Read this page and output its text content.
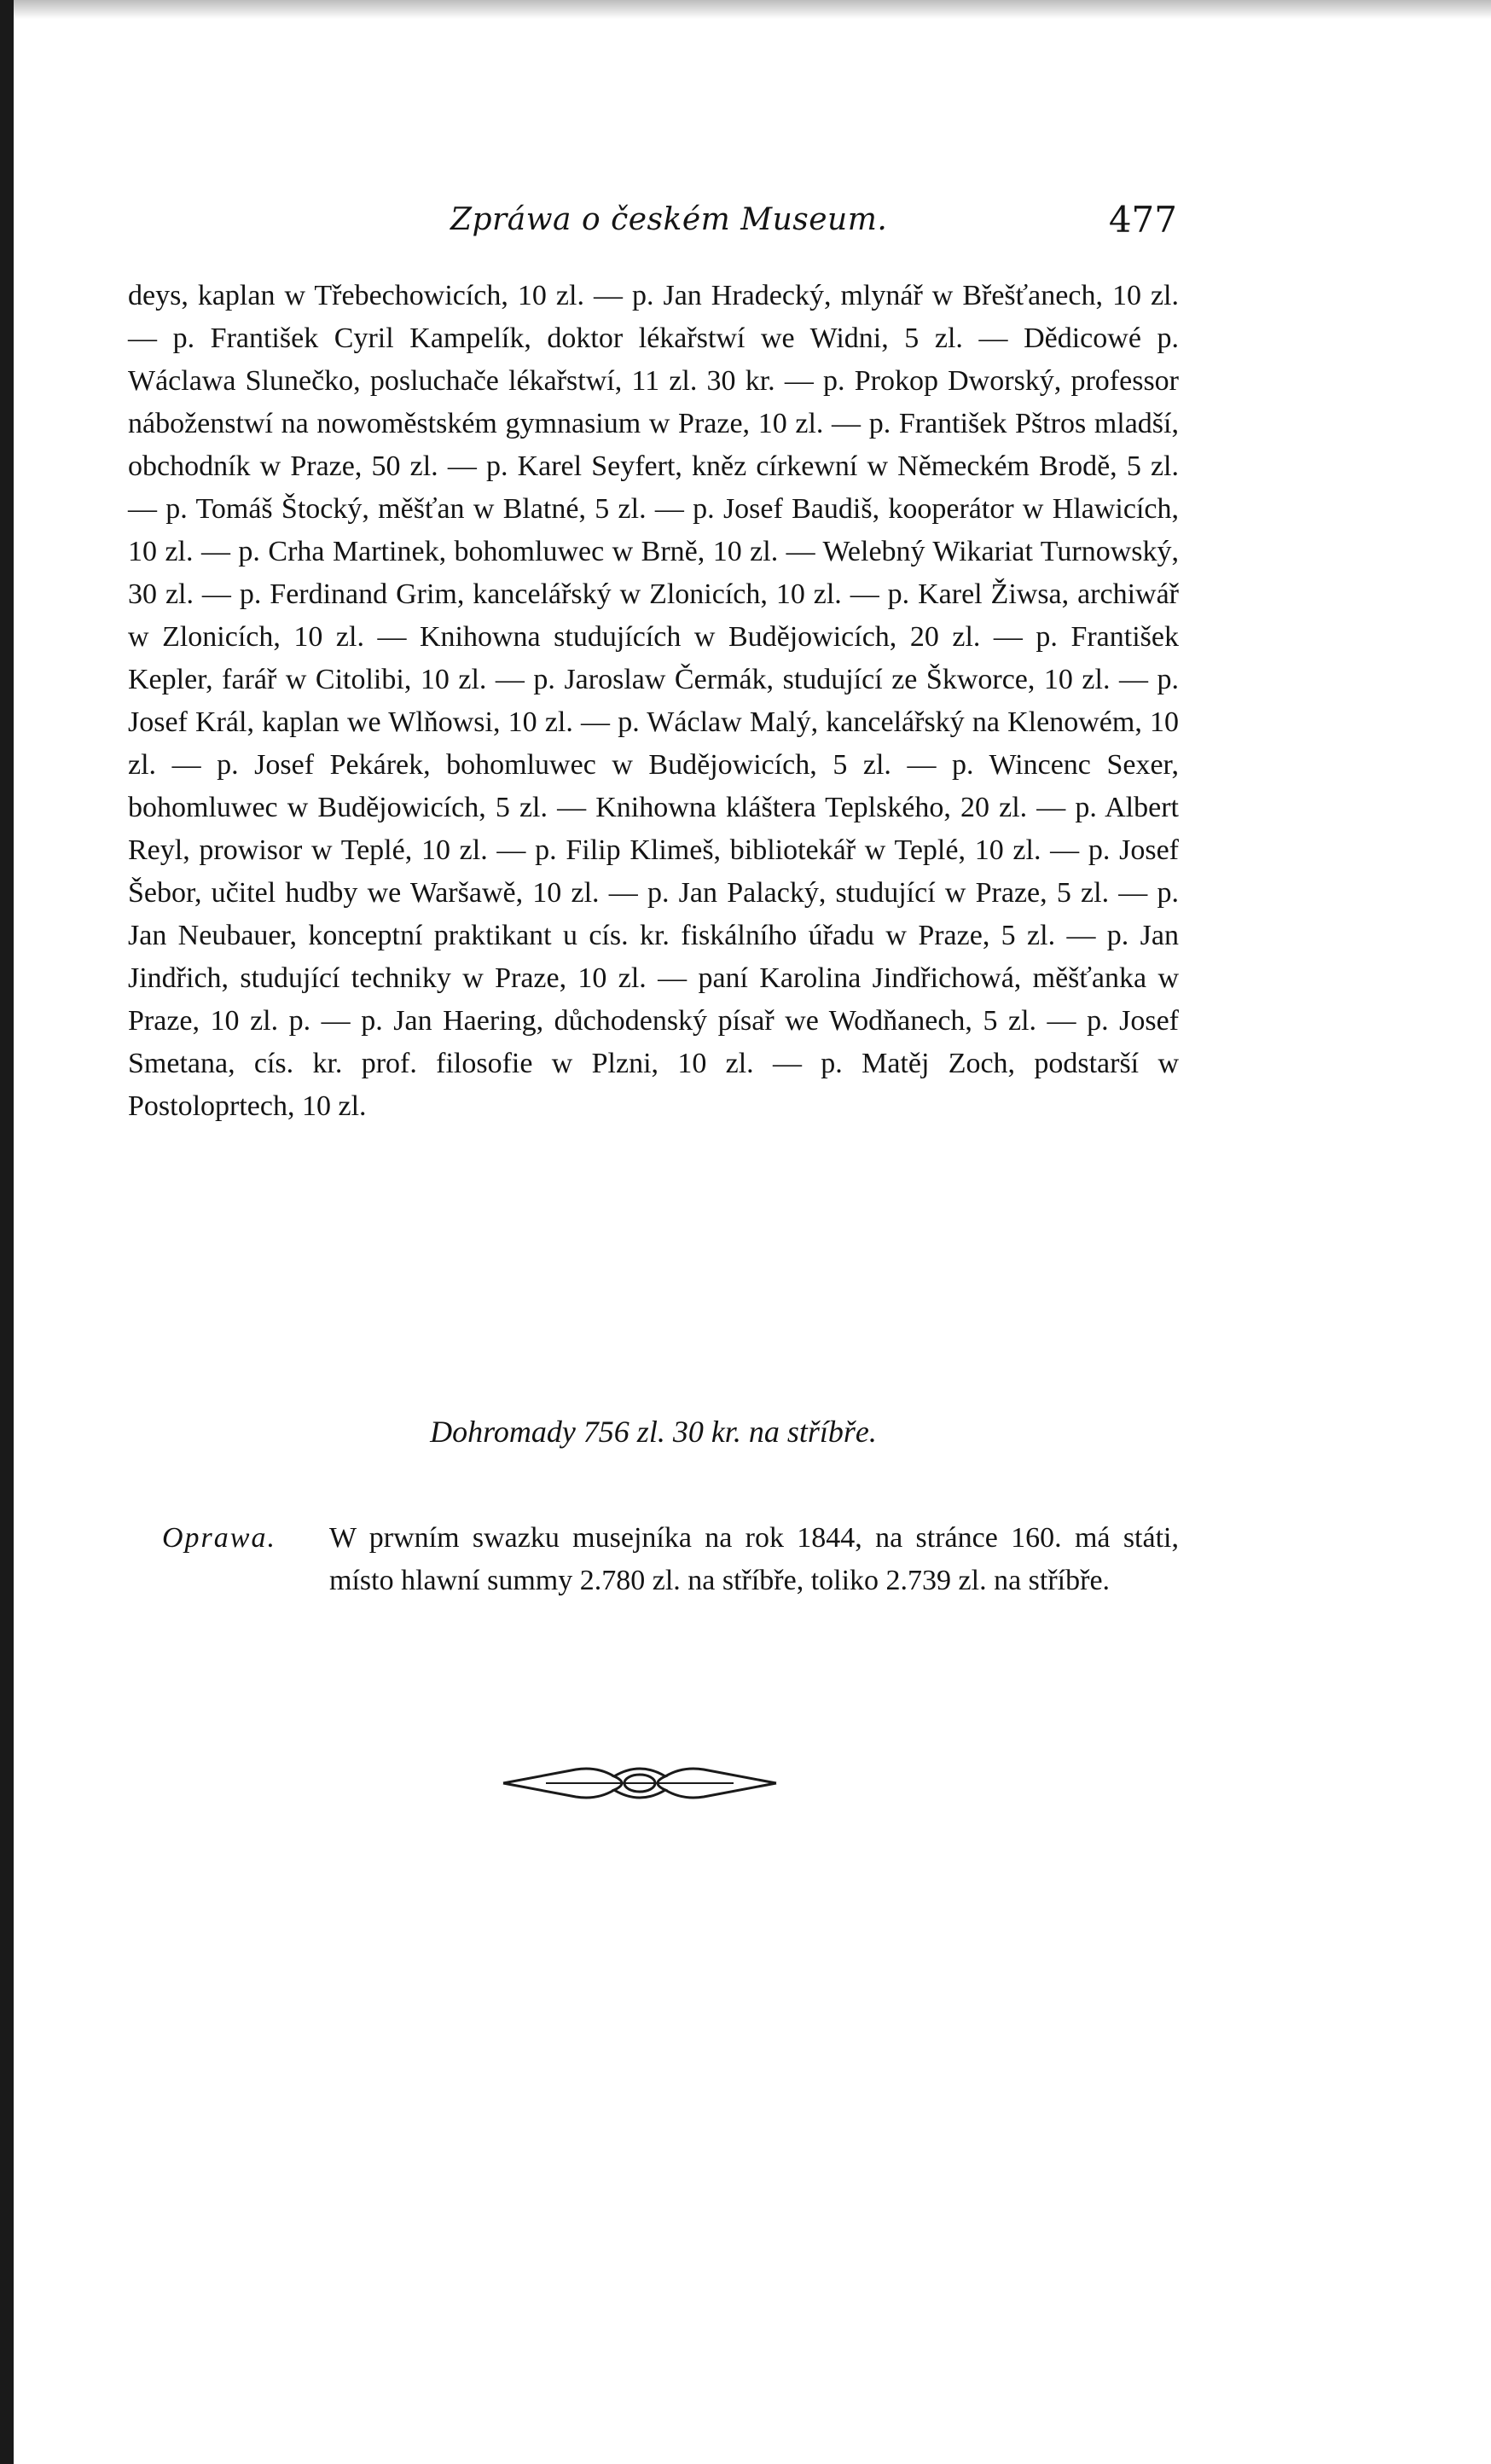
Zpráwa o českém Museum.	477
deys, kaplan w Třebechowicích, 10 zl. — p. Jan Hradecký, mlynář w Břešťanech, 10 zl. — p. František Cyril Kampelík, doktor lékařstwí we Widni, 5 zl. — Dědicowé p. Wáclawa Slunečko, posluchače lékařstwí, 11 zl. 30 kr. — p. Prokop Dworský, professor náboženstwí na nowoměstském gymnasium w Praze, 10 zl. — p. František Pštros mladší, obchodník w Praze, 50 zl. — p. Karel Seyfert, kněz církewní w Německém Brodě, 5 zl. — p. Tomáš Štocký, měšťan w Blatné, 5 zl. — p. Josef Baudiš, kooperátor w Hlawicích, 10 zl. — p. Crha Martinek, bohomluwec w Brně, 10 zl. — Welebný Wikariat Turnowský, 30 zl. — p. Ferdinand Grim, kancelářský w Zlonicích, 10 zl. — p. Karel Žiwsa, archiwář w Zlonicích, 10 zl. — Knihowna studujících w Budějowicích, 20 zl. — p. František Kepler, farář w Citolibi, 10 zl. — p. Jaroslaw Čermák, studující ze Škworce, 10 zl. — p. Josef Král, kaplan we Wlňowsi, 10 zl. — p. Wáclaw Malý, kancelářský na Klenowém, 10 zl. — p. Josef Pekárek, bohomluwec w Budějowicích, 5 zl. — p. Wincenc Sexer, bohomluwec w Budějowicích, 5 zl. — Knihowna kláštera Teplského, 20 zl. — p. Albert Reyl, prowisor w Teplé, 10 zl. — p. Filip Klimeš, bibliotekář w Teplé, 10 zl. — p. Josef Šebor, učitel hudby we Waršawě, 10 zl. — p. Jan Palacký, studující w Praze, 5 zl. — p. Jan Neubauer, konceptní praktikant u cís. kr. fiskálního úřadu w Praze, 5 zl. — p. Jan Jindřich, studující techniky w Praze, 10 zl. — paní Karolina Jindřichowá, měšťanka w Praze, 10 zl. p. — p. Jan Haering, důchodenský písař we Wodňanech, 5 zl. — p. Josef Smetana, cís. kr. prof. filosofie w Plzni, 10 zl. — p. Matěj Zoch, podstarší w Postoloprtech, 10 zl.
Dohromady 756 zl. 30 kr. na stříbře.
Oprawa. W prwním swazku musejníka na rok 1844, na stránce 160. má státi, místo hlawní summy 2.780 zl. na stříbře, toliko 2.739 zl. na stříbře.
